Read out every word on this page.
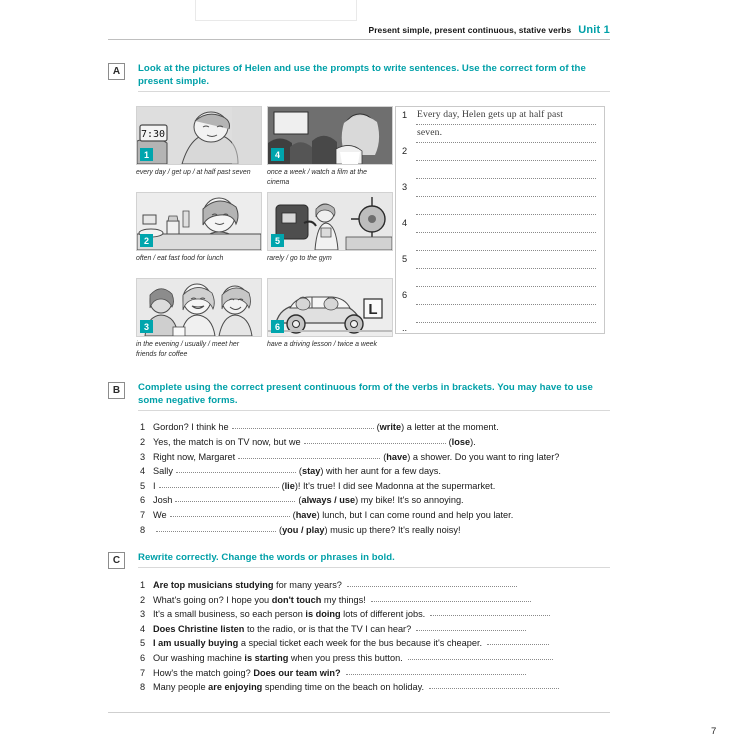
Present simple, present continuous, stative verbs Unit 1
A	Look at the pictures of Helen and use the prompts to write sentences. Use the correct form of the present simple.
7:30
1
every day / get up / at half past seven
4
once a week / watch a film at the cinema
2
often / eat fast food for lunch
5
rarely / go to the gym
3
in the evening / usually / meet her friends for coffee
L
6
have a driving lesson / twice a week
1	Every day, Helen gets up at half past
seven.
2
3
4
5
6
..
B	Complete using the correct present continuous form of the verbs in brackets. You may have to use some negative forms.
1 Gordon? I think he	(write) a letter at the moment.
2 Yes, the match is on TV now, but we	(lose).
3 Right now, Margaret	(have) a shower. Do you want to ring later?
4 Sally	(stay) with her aunt for a few days.
5 I	(lie)! It's true! I did see Madonna at the supermarket.
6 Josh	(always / use) my bike! It's so annoying.
7 We	(have) lunch, but I can come round and help you later.
8	(you / play) music up there? It's really noisy!
C	Rewrite correctly. Change the words or phrases in bold.
1 Are top musicians studying for many years?
2 What's going on? I hope you don't touch my things!
3 It's a small business, so each person is doing lots of different jobs.
4 Does Christine listen to the radio, or is that the TV I can hear?
5 I am usually buying a special ticket each week for the bus because it's cheaper.
6 Our washing machine is starting when you press this button.
7 How's the match going? Does our team win?
8 Many people are enjoying spending time on the beach on holiday.
7
